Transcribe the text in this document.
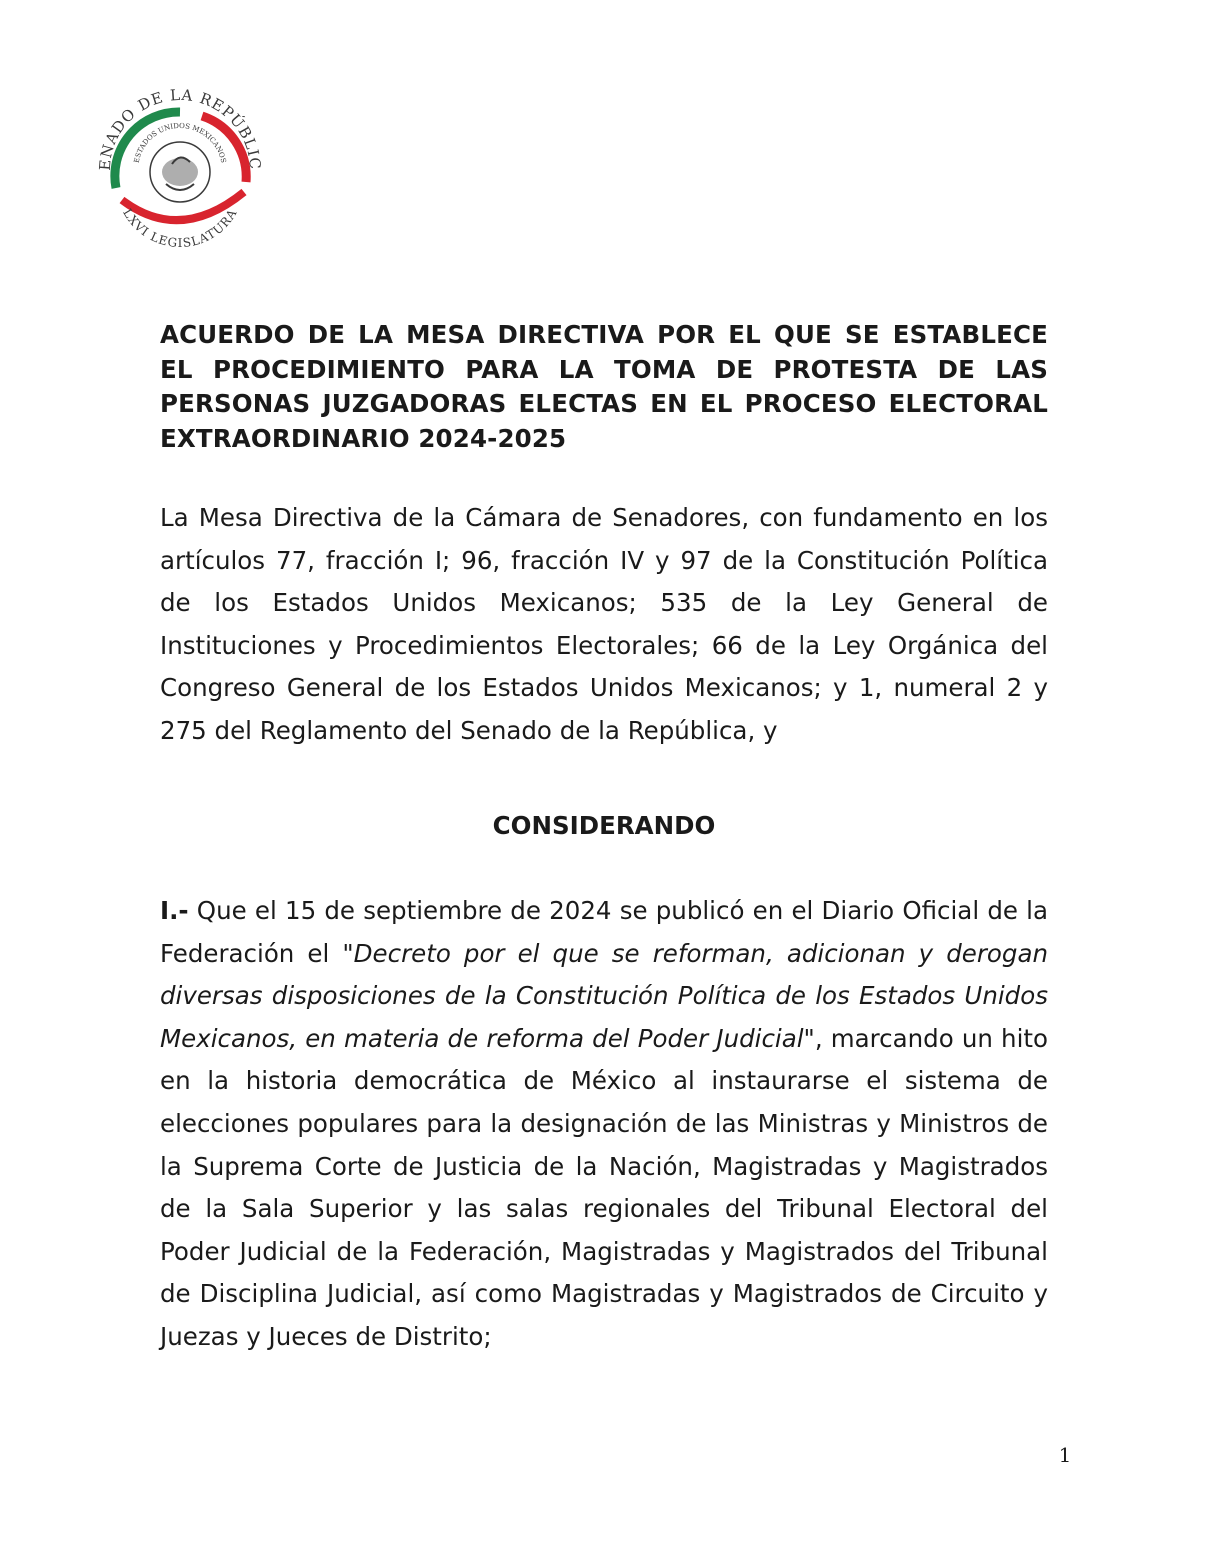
ENADO DE LA REPÚBLIC
ESTADOS UNIDOS MEXICANOS
LXVI LEGISLATURA
ACUERDO DE LA MESA DIRECTIVA POR EL QUE SE ESTABLECE EL PROCEDIMIENTO PARA LA TOMA DE PROTESTA DE LAS PERSONAS JUZGADORAS ELECTAS EN EL PROCESO ELECTORAL EXTRAORDINARIO 2024-2025

La Mesa Directiva de la Cámara de Senadores, con fundamento en los artículos 77, fracción I; 96, fracción IV y 97 de la Constitución Política de los Estados Unidos Mexicanos; 535 de la Ley General de Instituciones y Procedimientos Electorales; 66 de la Ley Orgánica del Congreso General de los Estados Unidos Mexicanos; y 1, numeral 2 y 275 del Reglamento del Senado de la República, y

CONSIDERANDO

I.- Que el 15 de septiembre de 2024 se publicó en el Diario Oficial de la Federación el "Decreto por el que se reforman, adicionan y derogan diversas disposiciones de la Constitución Política de los Estados Unidos Mexicanos, en materia de reforma del Poder Judicial", marcando un hito en la historia democrática de México al instaurarse el sistema de elecciones populares para la designación de las Ministras y Ministros de la Suprema Corte de Justicia de la Nación, Magistradas y Magistrados de la Sala Superior y las salas regionales del Tribunal Electoral del Poder Judicial de la Federación, Magistradas y Magistrados del Tribunal de Disciplina Judicial, así como Magistradas y Magistrados de Circuito y Juezas y Jueces de Distrito;

1
